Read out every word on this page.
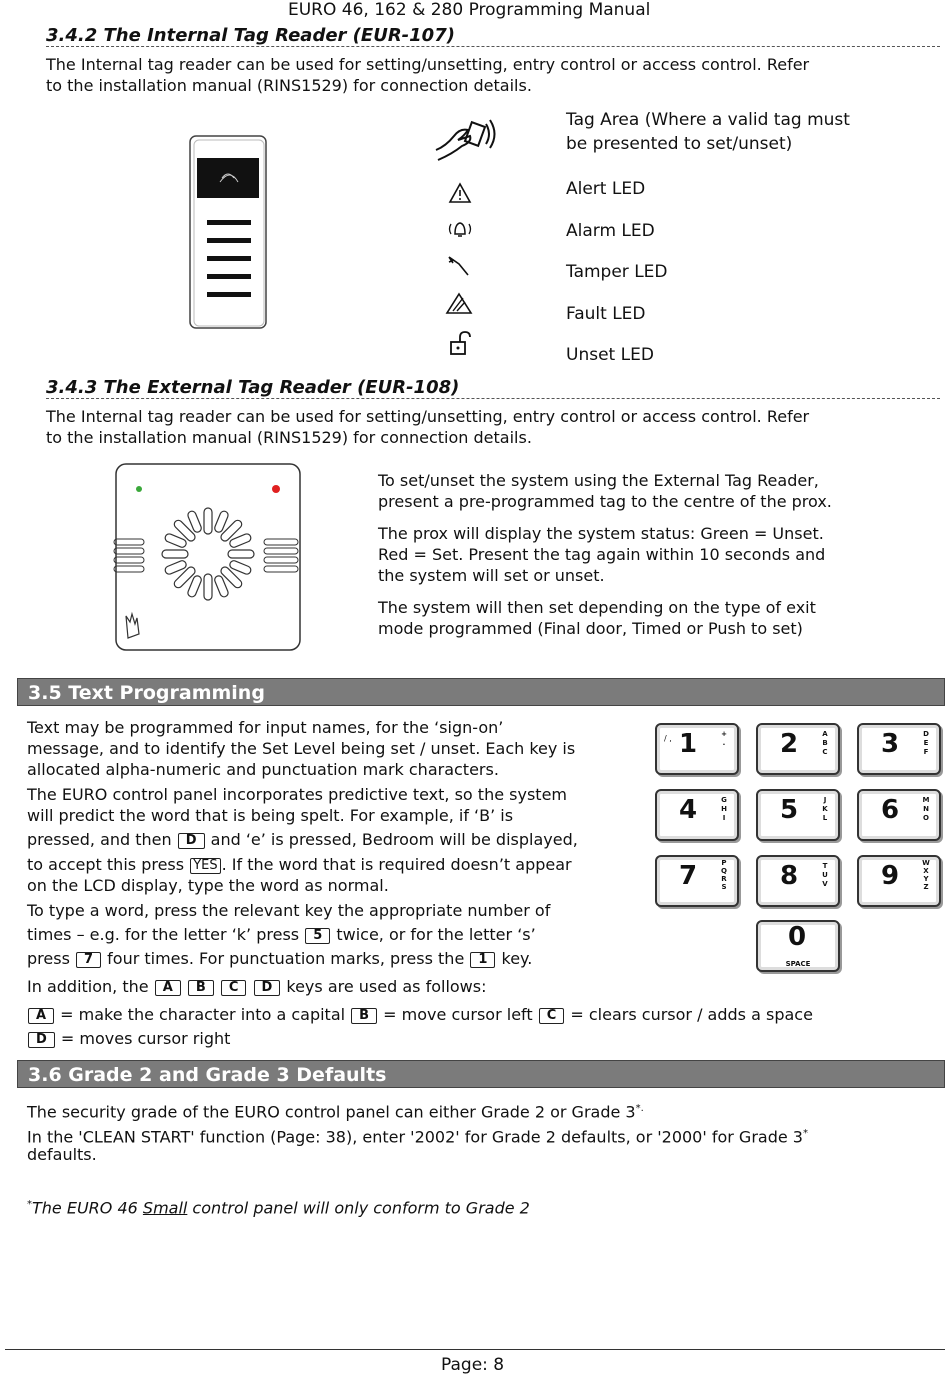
EURO 46, 162 & 280 Programming Manual
3.4.2 The Internal Tag Reader (EUR-107)
The Internal tag reader can be used for setting/unsetting, entry control or access control. Refer
to the installation manual (RINS1529) for connection details.
Tag Area (Where a valid tag must
be presented to set/unset)
Alert LED
Alarm LED
Tamper LED
Fault LED
Unset LED
3.4.3 The External Tag Reader (EUR-108)
The Internal tag reader can be used for setting/unsetting, entry control or access control. Refer
to the installation manual (RINS1529) for connection details.
To set/unset the system using the External Tag Reader,
present a pre-programmed tag to the centre of the prox.
The prox will display the system status: Green = Unset.
Red = Set. Present the tag again within 10 seconds and
the system will set or unset.
The system will then set depending on the type of exit
mode programmed (Final door, Timed or Push to set)
3.5 Text Programming
Text may be programmed for input names, for the ‘sign-on’
message, and to identify the Set Level being set / unset. Each key is
allocated alpha-numeric and punctuation mark characters.
The EURO control panel incorporates predictive text, so the system
will predict the word that is being spelt. For example, if ‘B’ is
pressed, and then D and ‘e’ is pressed, Bedroom will be displayed,
to accept this press YES . If the word that is required doesn’t appear
on the LCD display, type the word as normal.
To type a word, press the relevant key the appropriate number of
times – e.g. for the letter ‘k’ press 5 twice, or for the letter ‘s’
press 7 four times. For punctuation marks, press the 1 key.
In addition, the A B C D keys are used as follows:
A = make the character into a capital B = move cursor left C = clears cursor / adds a space
D = moves cursor right
/ , 1	+ . 2	ABC 3	DEF
4	GHI 5	JKL 6	MNO
7	PQRS 8	TUV 9	WXYZ
0
SPACE
3.6 Grade 2 and Grade 3 Defaults
The security grade of the EURO control panel can either Grade 2 or Grade 3*.
In the 'CLEAN START' function (Page: 38), enter '2002' for Grade 2 defaults, or '2000' for Grade 3*
defaults.
*The EURO 46 Small control panel will only conform to Grade 2
Page: 8
